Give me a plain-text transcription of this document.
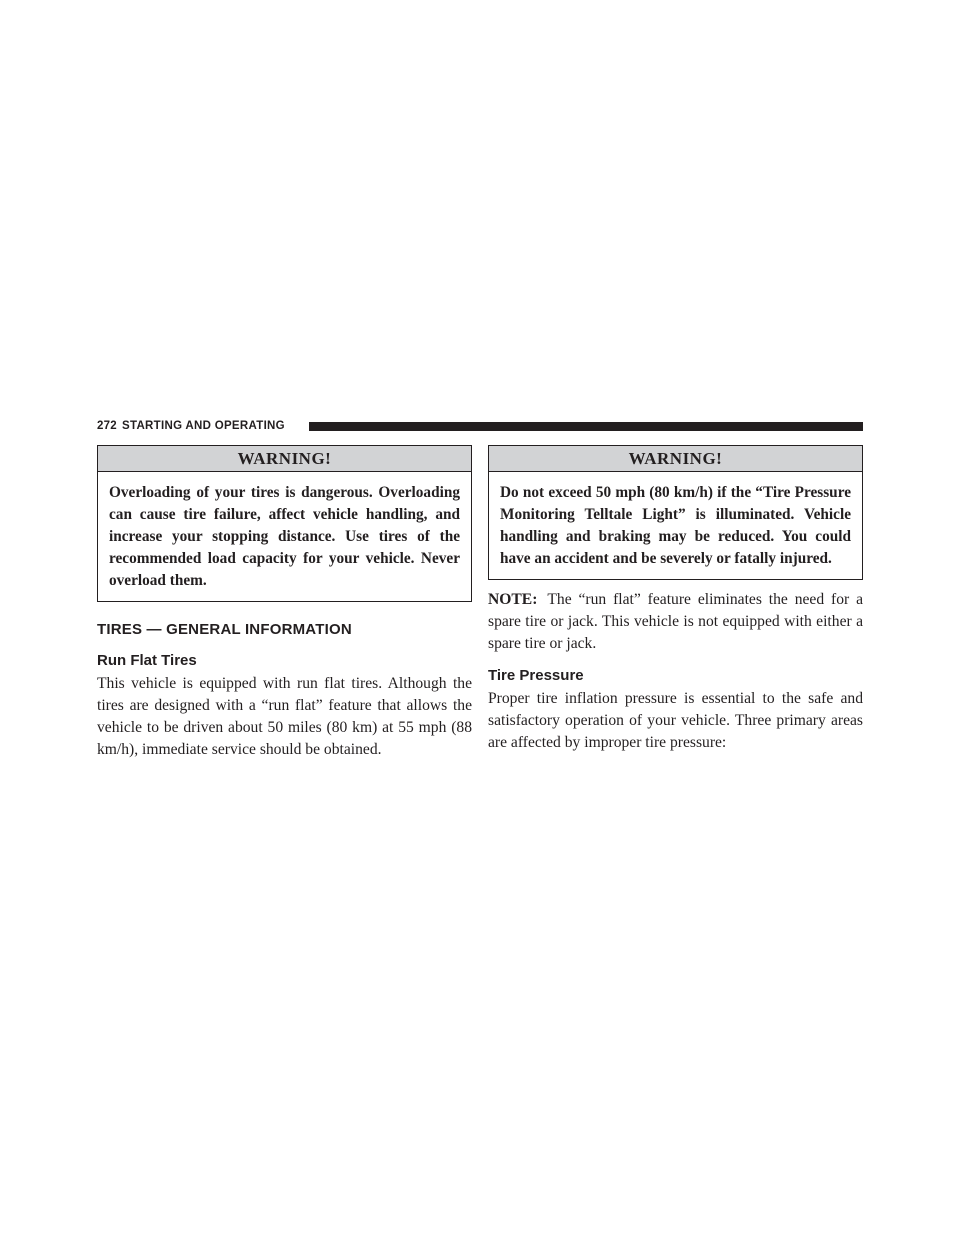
272 STARTING AND OPERATING
WARNING!
Overloading of your tires is dangerous. Overloading can cause tire failure, affect vehicle handling, and increase your stopping distance. Use tires of the recommended load capacity for your vehicle. Never overload them.
TIRES — GENERAL INFORMATION
Run Flat Tires

This vehicle is equipped with run flat tires. Although the tires are designed with a “run flat” feature that allows the vehicle to be driven about 50 miles (80 km) at 55 mph (88 km/h), immediate service should be obtained.

WARNING!
Do not exceed 50 mph (80 km/h) if the “Tire Pressure Monitoring Telltale Light” is illuminated. Vehicle handling and braking may be reduced. You could have an accident and be severely or fatally injured.

NOTE: The “run flat” feature eliminates the need for a spare tire or jack. This vehicle is not equipped with either a spare tire or jack.

Tire Pressure

Proper tire inflation pressure is essential to the safe and satisfactory operation of your vehicle. Three primary areas are affected by improper tire pressure:
